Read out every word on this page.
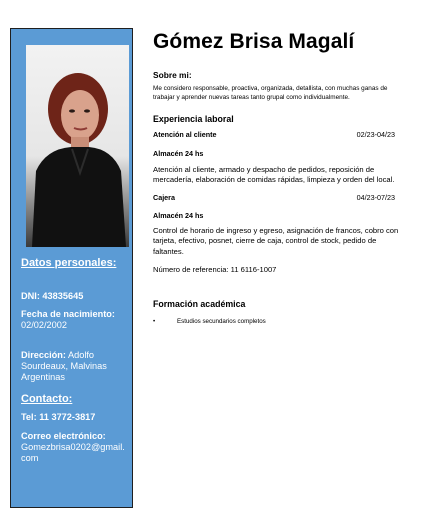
Datos personales:
DNI: 43835645
Fecha de nacimiento:
02/02/2002
Dirección: Adolfo Sourdeaux, Malvinas Argentinas
Contacto:
Tel: 11 3772-3817
Correo electrónico:
Gomezbrisa0202@gmail.com
Gómez Brisa Magalí
Sobre mi:
Me considero responsable, proactiva, organizada, detallista, con muchas ganas de trabajar y aprender nuevas tareas tanto grupal como individualmente.
Experiencia laboral
Atención al cliente	02/23-04/23
Almacén 24 hs
Atención al cliente, armado y despacho de pedidos, reposición de mercadería, elaboración de comidas rápidas, limpieza y orden del local.
Cajera	04/23-07/23
Almacén 24 hs
Control de horario de ingreso y egreso, asignación de francos, cobro con tarjeta, efectivo, posnet, cierre de caja, control de stock, pedido de faltantes.
Número de referencia: 11 6116-1007
Formación académica
•	Estudios secundarios completos
